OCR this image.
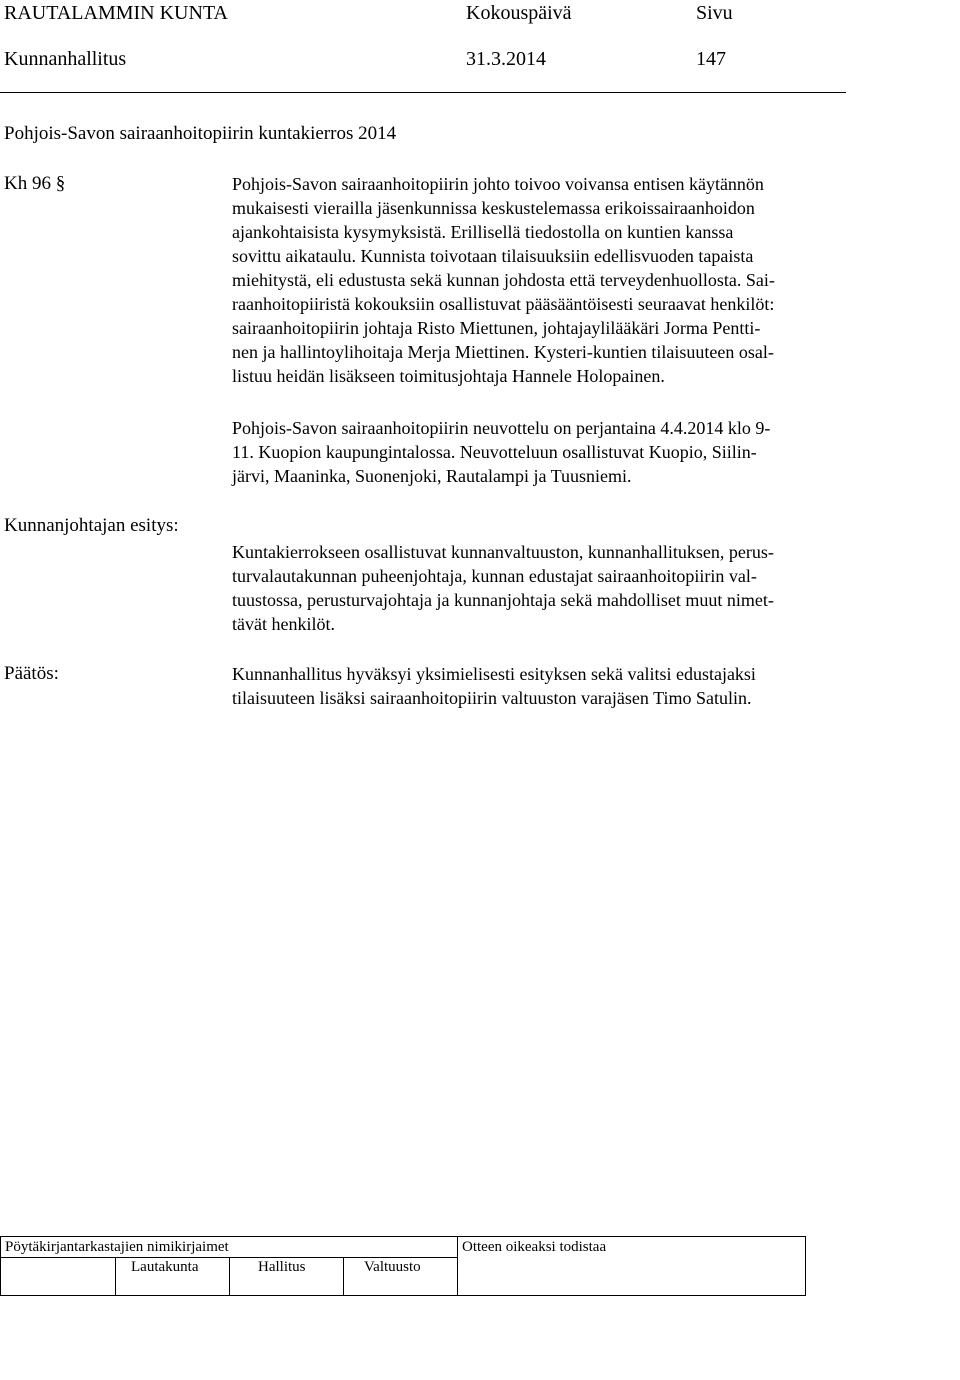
RAUTALAMMIN KUNTA	Kokouspäivä	Sivu
Kunnanhallitus	31.3.2014	147
Pohjois-Savon sairaanhoitopiirin kuntakierros 2014
Kh 96 §	Pohjois-Savon sairaanhoitopiirin johto toivoo voivansa entisen käytännön

mukaisesti vierailla jäsenkunnissa keskustelemassa erikoissairaanhoidon

ajankohtaisista kysymyksistä. Erillisellä tiedostolla on kuntien kanssa

sovittu aikataulu. Kunnista toivotaan tilaisuuksiin edellisvuoden tapaista

miehitystä, eli edustusta sekä kunnan johdosta että terveydenhuollosta. Sai-

raanhoitopiiristä kokouksiin osallistuvat pääsääntöisesti seuraavat henkilöt:

sairaanhoitopiirin johtaja Risto Miettunen, johtajaylilääkäri Jorma Pentti-

nen ja hallintoylihoitaja Merja Miettinen. Kysteri-kuntien tilaisuuteen osal-

listuu heidän lisäkseen toimitusjohtaja Hannele Holopainen.

Pohjois-Savon sairaanhoitopiirin neuvottelu on perjantaina 4.4.2014 klo 9-

11. Kuopion kaupungintalossa. Neuvotteluun osallistuvat Kuopio, Siilin-

järvi, Maaninka, Suonenjoki, Rautalampi ja Tuusniemi.

Kunnanjohtajan esitys:

Kuntakierrokseen osallistuvat kunnanvaltuuston, kunnanhallituksen, perus-

turvalautakunnan puheenjohtaja, kunnan edustajat sairaanhoitopiirin val-

tuustossa, perusturvajohtaja ja kunnanjohtaja sekä mahdolliset muut nimet-

tävät henkilöt.

Päätös:	Kunnanhallitus hyväksyi yksimielisesti esityksen sekä valitsi edustajaksi

tilaisuuteen lisäksi sairaanhoitopiirin valtuuston varajäsen Timo Satulin.

Pöytäkirjantarkastajien nimikirjaimet
Lautakunta	Hallitus	Valtuusto
Otteen oikeaksi todistaa
